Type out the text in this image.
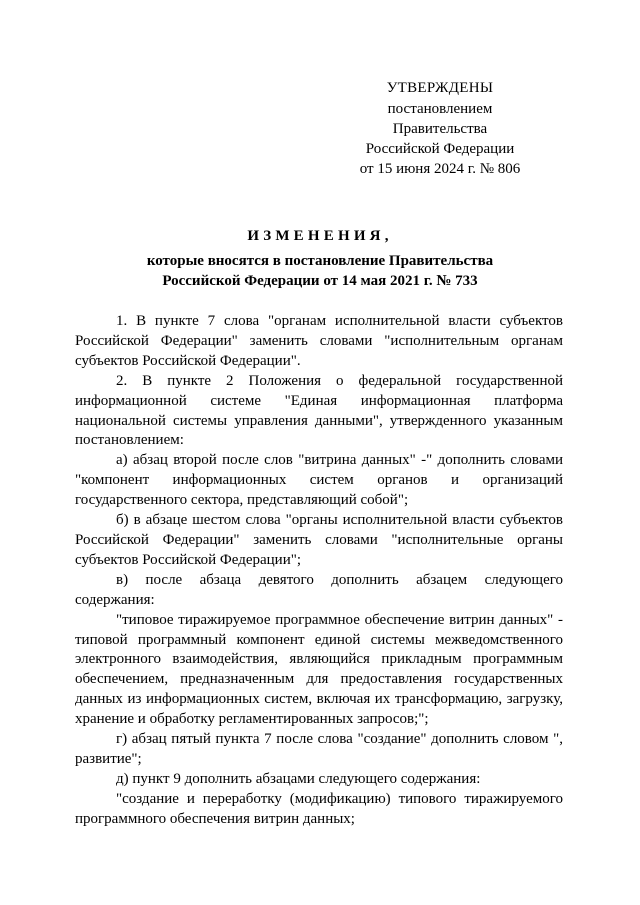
УТВЕРЖДЕНЫ
постановлением Правительства
Российской Федерации
от 15 июня 2024 г. № 806
ИЗМЕНЕНИЯ,
которые вносятся в постановление Правительства
Российской Федерации от 14 мая 2021 г. № 733

1. В пункте 7 слова "органам исполнительной власти субъектов Российской Федерации" заменить словами "исполнительным органам субъектов Российской Федерации".

2. В пункте 2 Положения о федеральной государственной информационной системе "Единая информационная платформа национальной системы управления данными", утвержденного указанным постановлением:

а) абзац второй после слов "витрина данных" -" дополнить словами "компонент информационных систем органов и организаций государственного сектора, представляющий собой";

б) в абзаце шестом слова "органы исполнительной власти субъектов Российской Федерации" заменить словами "исполнительные органы субъектов Российской Федерации";

в) после абзаца девятого дополнить абзацем следующего содержания:

"типовое тиражируемое программное обеспечение витрин данных" - типовой программный компонент единой системы межведомственного электронного взаимодействия, являющийся прикладным программным обеспечением, предназначенным для предоставления государственных данных из информационных систем, включая их трансформацию, загрузку, хранение и обработку регламентированных запросов;";

г) абзац пятый пункта 7 после слова "создание" дополнить словом ", развитие";

д) пункт 9 дополнить абзацами следующего содержания:

"создание и переработку (модификацию) типового тиражируемого программного обеспечения витрин данных;
